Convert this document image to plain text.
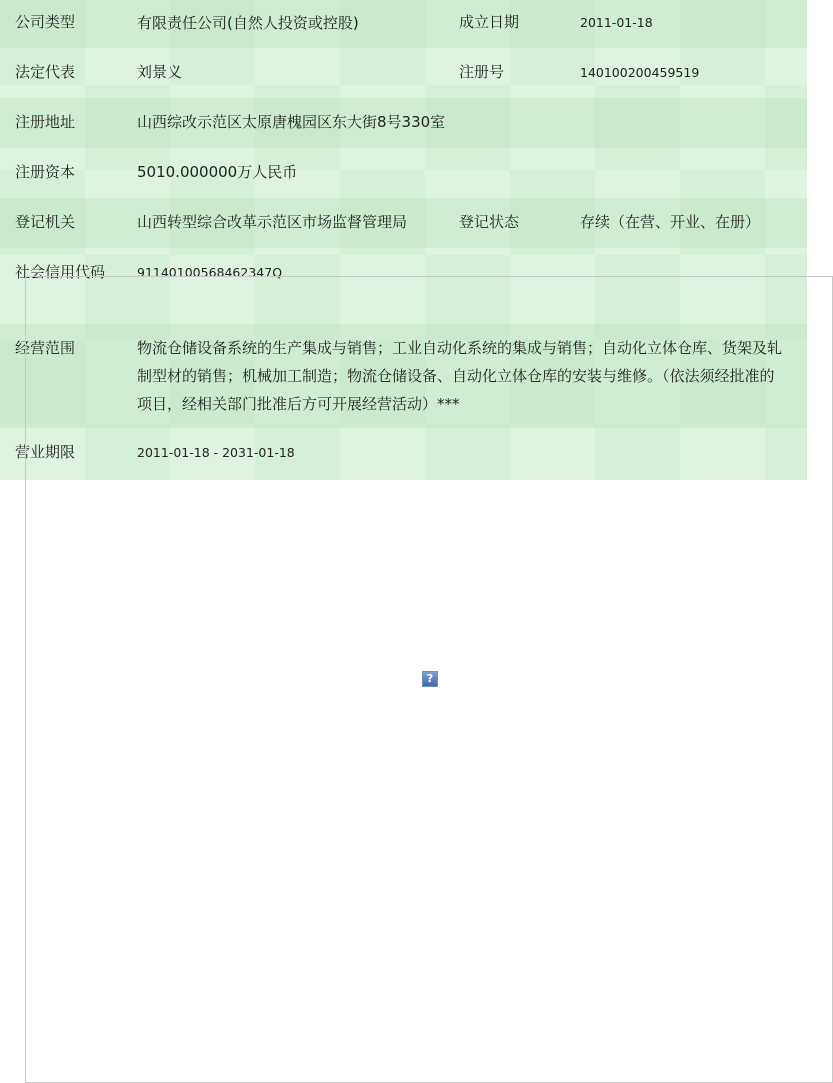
公司类型	有限责任公司(自然人投资或控股)	成立日期	2011-01-18
法定代表	刘景义	注册号	140100200459519
注册地址	山西综改示范区太原唐槐园区东大街8号330室
注册资本	5010.000000万人民币
登记机关	山西转型综合改革示范区市场监督管理局	登记状态	存续（在营、开业、在册）
社会信用代码	91140100568462347Q
经营范围	物流仓储设备系统的生产集成与销售；工业自动化系统的集成与销售；自动化立体仓库、货架及轧制型材的销售；机械加工制造；物流仓储设备、自动化立体仓库的安装与维修。（依法须经批准的项目，经相关部门批准后方可开展经营活动）***
营业期限	2011-01-18 - 2031-01-18
?
